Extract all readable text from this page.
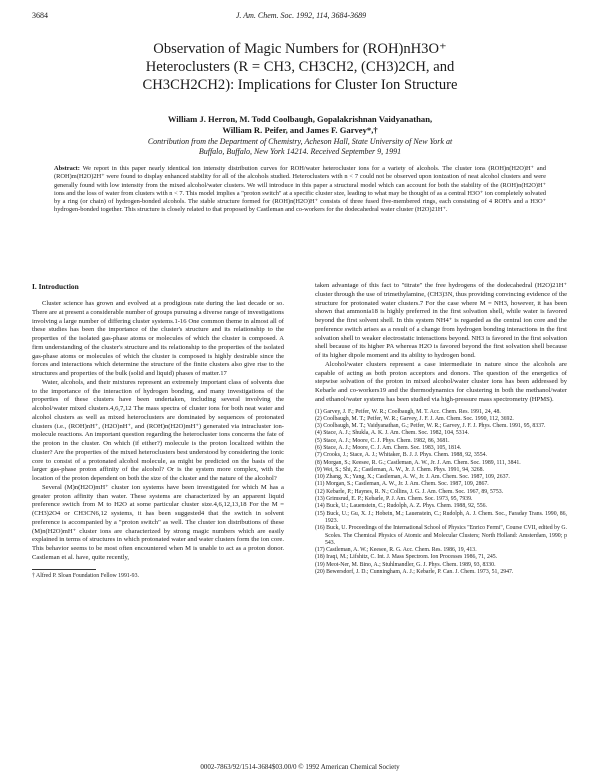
3684	J. Am. Chem. Soc. 1992, 114, 3684-3689
Observation of Magic Numbers for (ROH)nH3O⁺
Heteroclusters (R = CH3, CH3CH2, (CH3)2CH, and
CH3CH2CH2): Implications for Cluster Ion Structure
William J. Herron, M. Todd Coolbaugh, Gopalakrishnan Vaidyanathan,
William R. Peifer, and James F. Garvey*,†
Contribution from the Department of Chemistry, Acheson Hall, State University of New York at
Buffalo, Buffalo, New York 14214. Received September 9, 1991
Abstract: We report in this paper nearly identical ion intensity distribution curves for ROH/water heterocluster ions for a variety of alcohols. The cluster ions (ROH)n(H2O)H⁺ and (ROH)m(H2O)2H⁺ were found to display enhanced stability for all of the alcohols studied. Heteroclusters with n < 7 could not be observed upon ionization of neat alcohol clusters and were generally found with low intensity from the mixed alcohol/water clusters. We will introduce in this paper a structural model which can account for both the stability of the (ROH)n(H2O)H⁺ ions and the loss of water from clusters with n < 7. This model implies a "proton switch" at a specific cluster size, leading to what may be thought of as a central H3O⁺ ion completely solvated by a ring (or chain) of hydrogen-bonded alcohols. The stable structure formed for (ROH)n(H2O)H⁺ consists of three fused five-membered rings, each consisting of 4 ROH's and a H3O⁺ hydrogen-bonded together. This structure is closely related to that proposed by Castleman and co-workers for the dodecahedral water cluster (H2O)21H⁺.
I. Introduction

Cluster science has grown and evolved at a prodigious rate during the last decade or so. There are at present a considerable number of groups pursuing a diverse range of investigations involving a large number of differing cluster systems.1-16 One common theme in almost all of these studies has been the importance of the cluster's structure and its relationship to the properties of the isolated gas-phase atoms or molecules of which the cluster is composed. A firm understanding of the cluster's structure and its relationship to the properties of the isolated gas-phase atoms or molecules of which the cluster is composed is highly desirable since the forces and interactions which determine the structure of the finite clusters also give rise to the structures and properties of the bulk (solid and liquid) phases of matter.17

Water, alcohols, and their mixtures represent an extremely important class of solvents due to the importance of the interaction of hydrogen bonding, and many investigations of the properties of these clusters have been undertaken, including several involving the alcohol/water mixed clusters.4,6,7,12 The mass spectra of cluster ions for both neat water and alcohol clusters as well as mixed heteroclusters are dominated by sequences of protonated clusters (i.e., (ROH)nH⁺, (H2O)nH⁺, and (ROH)n(H2O)mH⁺) generated via intracluster ion-molecule reactions. An important question regarding the heterocluster ions concerns the fate of the proton in the cluster. On which (if either?) molecule is the proton localized within the cluster? Are the properties of the mixed heteroclusters best understood by considering the ionic core to consist of a protonated alcohol molecule, as might be predicted on the basis of the larger gas-phase proton affinity of the alcohol? Or is the system more complex, with the location of the proton dependent on both the size of the cluster and the nature of the alcohol?

Several (M)n(H2O)mH⁺ cluster ion systems have been investigated for which M has a greater proton affinity than water. These systems are characterized by an apparent liquid preference switch from M to H2O at some particular cluster size.4,6,12,13,18 For the M = (CH3)2O4 or CH3CN6,12 systems, it has been suggested4 that the switch in solvent preference is accompanied by a "proton switch" as well. The cluster ion distributions of these (M)n(H2O)mH⁺ cluster ions are characterized by strong magic numbers which are easily explained in terms of structures in which protonated water and water clusters form the ion core. This behavior seems to be most often encountered when M is unable to act as a proton donor. Castleman et al. have, quite recently,

† Alfred P. Sloan Foundation Fellow 1991-93.

taken advantage of this fact to "titrate" the free hydrogens of the dodecahedral (H2O)21H⁺ cluster through the use of trimethylamine, (CH3)3N, thus providing convincing evidence of the structure for protonated water clusters.7 For the case where M = NH3, however, it has been shown that ammonia18 is highly preferred in the first solvation shell, while water is favored beyond the first solvent shell. In this system NH4⁺ is regarded as the central ion core and the preference switch arises as a result of a change from hydrogen bonding interactions in the first solvation shell to weaker electrostatic interactions beyond. NH3 is favored in the first solvation shell because of its higher PA whereas H2O is favored beyond the first solvation shell because of its higher dipole moment and its ability to hydrogen bond.

Alcohol/water clusters represent a case intermediate in nature since the alcohols are capable of acting as both proton acceptors and donors. The question of the energetics of stepwise solvation of the proton in mixed alcohol/water cluster ions has been addressed by Kebarle and co-workers19 and the thermodynamics for clustering in both the methanol/water and ethanol/water systems has been studied via high-pressure mass spectrometry (HPMS).

(1) Garvey, J. F.; Peifer, W. R.; Coolbaugh, M. T. Acc. Chem. Res. 1991, 24, 48.

(2) Coolbaugh, M. T.; Peifer, W. R.; Garvey, J. F. J. Am. Chem. Soc. 1990, 112, 3692.

(3) Coolbaugh, M. T.; Vaidyanathan, G.; Peifer, W. R.; Garvey, J. F. J. Phys. Chem. 1991, 95, 8337.

(4) Stace, A. J.; Shukla, A. K. J. Am. Chem. Soc. 1982, 104, 5314.

(5) Stace, A. J.; Moore, C. J. Phys. Chem. 1982, 86, 3681.

(6) Stace, A. J.; Moore, C. J. Am. Chem. Soc. 1983, 105, 1814.

(7) Crooks, J.; Stace, A. J.; Whitaker, B. J. J. Phys. Chem. 1988, 92, 3554.

(8) Morgan, S.; Keesee, R. G.; Castleman, A. W., Jr. J. Am. Chem. Soc. 1989, 111, 3841.

(9) Wei, S.; Shi, Z.; Castleman, A. W., Jr. J. Chem. Phys. 1991, 94, 3268.

(10) Zhang, X.; Yang, X.; Castleman, A. W., Jr. J. Am. Chem. Soc. 1987, 109, 2637.

(11) Morgan, S.; Castleman, A. W., Jr. J. Am. Chem. Soc. 1987, 109, 2867.

(12) Kebarle, P.; Haynes, R. N.; Collins, J. G. J. Am. Chem. Soc. 1967, 89, 5753.

(13) Grimsrud, E. P.; Kebarle, P. J. Am. Chem. Soc. 1973, 95, 7939.

(14) Buck, U.; Lauenstein, C.; Rudolph, A. Z. Phys. Chem. 1988, 92, 556.

(15) Buck, U.; Gu, X. J.; Hobein, M.; Lauenstein, C.; Rudolph, A. J. Chem. Soc., Faraday Trans. 1990, 86, 1923.

(16) Buck, U. Proceedings of the International School of Physics "Enrico Fermi", Course CVII, edited by G. Scoles. The Chemical Physics of Atomic and Molecular Clusters; North Holland: Amsterdam, 1990; p 543.

(17) Castleman, A. W.; Keesee, R. G. Acc. Chem. Res. 1986, 19, 413.

(18) Iraqi, M.; Lifshitz, C. Int. J. Mass Spectrom. Ion Processes 1986, 71, 245.

(19) Meot-Ner, M. Bino, A.; Stuhlmandler, G. J. Phys. Chem. 1989, 93, 8330.

(20) Bewersdorf, J. D.; Cunningham, A. J.; Kebarle, P. Can. J. Chem. 1973, 51, 2947.

0002-7863/92/1514-3684$03.00/0 © 1992 American Chemical Society
